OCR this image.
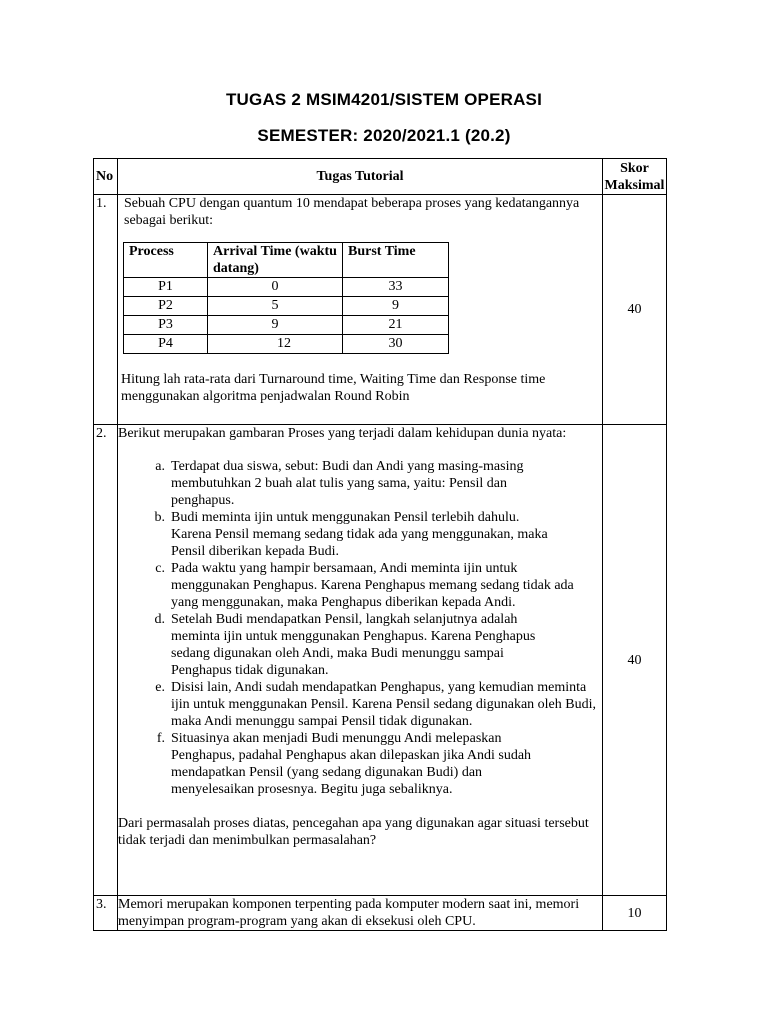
TUGAS 2 MSIM4201/SISTEM OPERASI
SEMESTER: 2020/2021.1 (20.2)
No	Tugas Tutorial	
Skor
Maksimal

1.	Sebuah CPU dengan quantum 10 mendapat beberapa proses yang kedatangannya sebagai berikut:

Process	Arrival Time (waktu datang)	Burst Time
P1	0	33
P2	5	9
P3	9	21
P4	12	30

Hitung lah rata-rata dari Turnaround time, Waiting Time dan Response time menggunakan algoritma penjadwalan Round Robin

	40
2.	Berikut merupakan gambaran Proses yang terjadi dalam kehidupan dunia nyata:

a. Terdapat dua siswa, sebut: Budi dan Andi yang masing-masing membutuhkan 2 buah alat tulis yang sama, yaitu: Pensil dan penghapus.
b. Budi meminta ijin untuk menggunakan Pensil terlebih dahulu. Karena Pensil memang sedang tidak ada yang menggunakan, maka Pensil diberikan kepada Budi.
c. Pada waktu yang hampir bersamaan, Andi meminta ijin untuk menggunakan Penghapus. Karena Penghapus memang sedang tidak ada yang menggunakan, maka Penghapus diberikan kepada Andi.
d. Setelah Budi mendapatkan Pensil, langkah selanjutnya adalah meminta ijin untuk menggunakan Penghapus. Karena Penghapus sedang digunakan oleh Andi, maka Budi menunggu sampai Penghapus tidak digunakan.
e. Disisi lain, Andi sudah mendapatkan Penghapus, yang kemudian meminta ijin untuk menggunakan Pensil. Karena Pensil sedang digunakan oleh Budi, maka Andi menunggu sampai Pensil tidak digunakan.
f. Situasinya akan menjadi Budi menunggu Andi melepaskan Penghapus, padahal Penghapus akan dilepaskan jika Andi sudah mendapatkan Pensil (yang sedang digunakan Budi) dan menyelesaikan prosesnya. Begitu juga sebaliknya.

Dari permasalah proses diatas, pencegahan apa yang digunakan agar situasi tersebut tidak terjadi dan menimbulkan permasalahan?

	40
3.	Memori merupakan komponen terpenting pada komputer modern saat ini, memori menyimpan program-program yang akan di eksekusi oleh CPU.

	10
